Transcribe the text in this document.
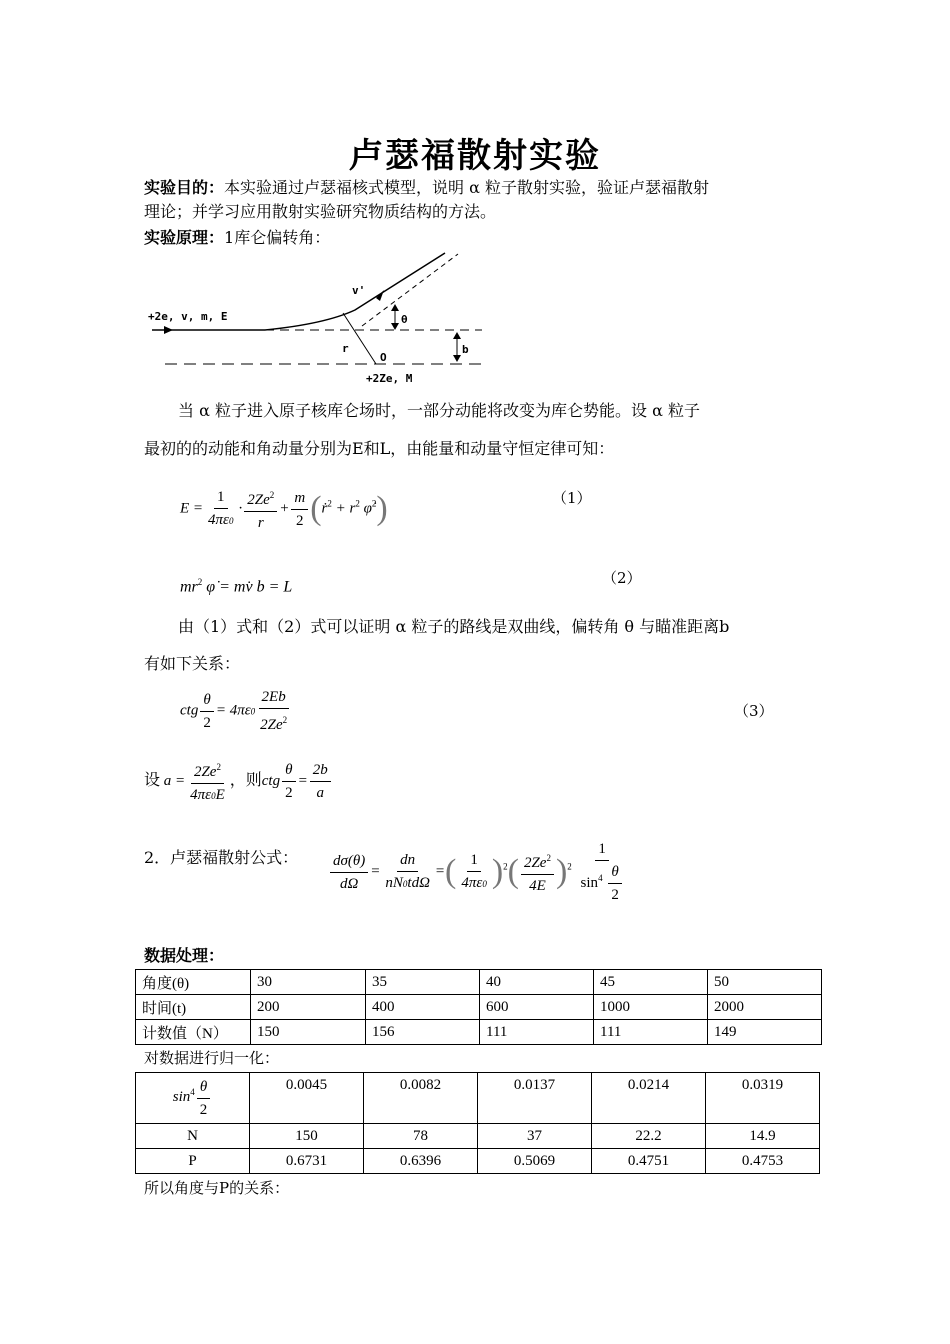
卢瑟福散射实验
实验目的：本实验通过卢瑟福核式模型，说明 α 粒子散射实验，验证卢瑟福散射
理论；并学习应用散射实验研究物质结构的方法。
实验原理：1库仑偏转角：
+2e, v, m, E
v'
θ
r
O
b
+2Ze, M
当 α 粒子进入原子核库仑场时，一部分动能将改变为库仑势能。设 α 粒子
最初的的动能和角动量分别为E和L，由能量和动量守恒定律可知：
$E = \frac{1}{4\pi\varepsilon 0} \cdot \frac{2Ze^2}{r} + \frac{m}{2}$ (ṙ$^2$ + $r^2$ φ̇$^2$)	（1）
$mr^2$ φ̇ = mv̇ b = L	（2）
由（1）式和（2）式可以证明 α 粒子的路线是双曲线，偏转角 θ 与瞄准距离b
有如下关系：
ctg $\frac{\theta}{2} = 4\pi\varepsilon 0 \frac{2Eb}{2Ze^2}$	（3）
设 $a = \frac{2Ze^2}{4\pi\varepsilon 0E}$ ，则ctg $\frac{\theta}{2} = \frac{2b}{a}$
2．卢瑟福散射公式： $\frac{d\sigma(\theta)}{d\Omega} = \frac{dn}{\text{nN0tdΩ}}$ =( $\frac{1}{4\pi\varepsilon 0} )^2( \frac{2Ze^2}{4E} )^2 \frac{1}{\sin^4 \frac{\theta}{2}}$
数据处理：
角度(θ)	30	35	40	45	50
时间(t)	200	400	600	1000	2000
计数值（N）	150	156	111	111	149
对数据进行归一化：
$\sin^4 \frac{\theta}{2}$	0.0045	0.0082	0.0137	0.0214	0.0319
N	150	78	37	22.2	14.9
P	0.6731	0.6396	0.5069	0.4751	0.4753
所以角度与P的关系：
